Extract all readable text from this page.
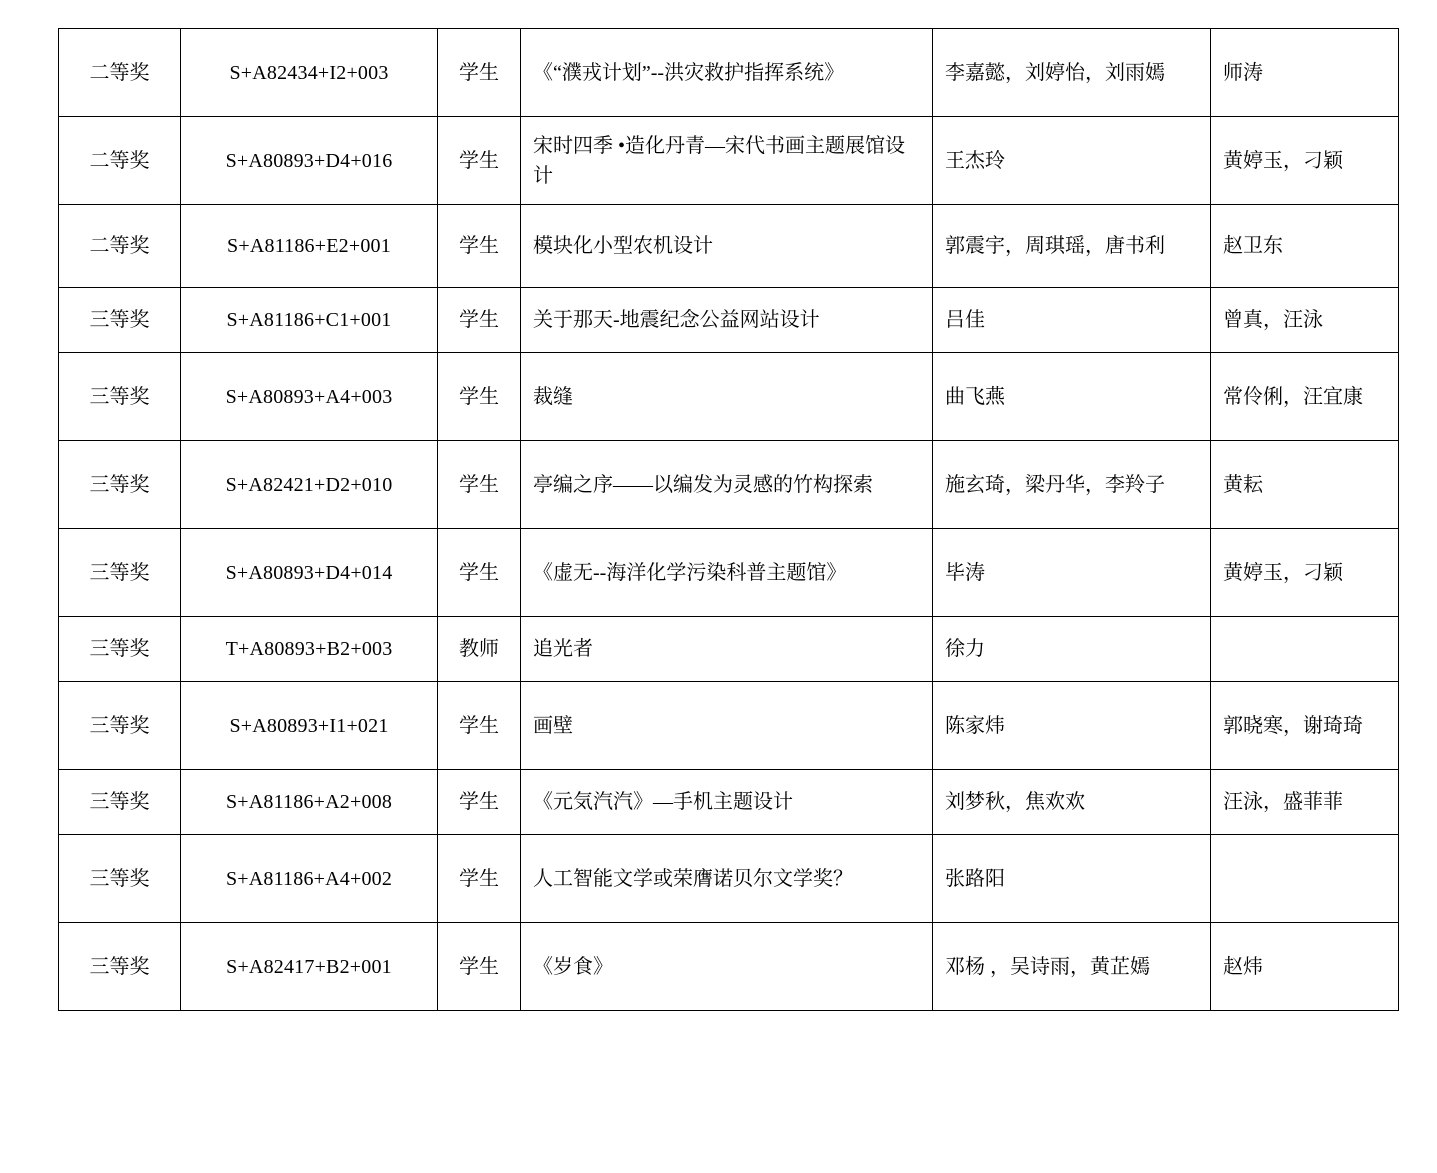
二等奖	S+A82434+I2+003	学生	《“濮戎计划”--洪灾救护指挥系统》	李嘉懿，刘婷怡，刘雨嫣	师涛
二等奖	S+A80893+D4+016	学生	宋时四季 •造化丹青—宋代书画主题展馆设计	王杰玲	黄婷玉，刁颖
二等奖	S+A81186+E2+001	学生	模块化小型农机设计	郭震宇，周琪瑶，唐书利	赵卫东
三等奖	S+A81186+C1+001	学生	关于那天-地震纪念公益网站设计	吕佳	曾真，汪泳
三等奖	S+A80893+A4+003	学生	裁缝	曲飞燕	常伶俐，汪宜康
三等奖	S+A82421+D2+010	学生	亭编之序——以编发为灵感的竹构探索	施玄琦，梁丹华，李羚子	黄耘
三等奖	S+A80893+D4+014	学生	《虚无--海洋化学污染科普主题馆》	毕涛	黄婷玉，刁颖
三等奖	T+A80893+B2+003	教师	追光者	徐力	
三等奖	S+A80893+I1+021	学生	画壁	陈家炜	郭晓寒，谢琦琦
三等奖	S+A81186+A2+008	学生	《元気汽汽》—手机主题设计	刘梦秋，焦欢欢	汪泳，盛菲菲
三等奖	S+A81186+A4+002	学生	人工智能文学或荣膺诺贝尔文学奖？	张路阳	
三等奖	S+A82417+B2+001	学生	《岁食》	邓杨 ，吴诗雨，黄芷嫣	赵炜
